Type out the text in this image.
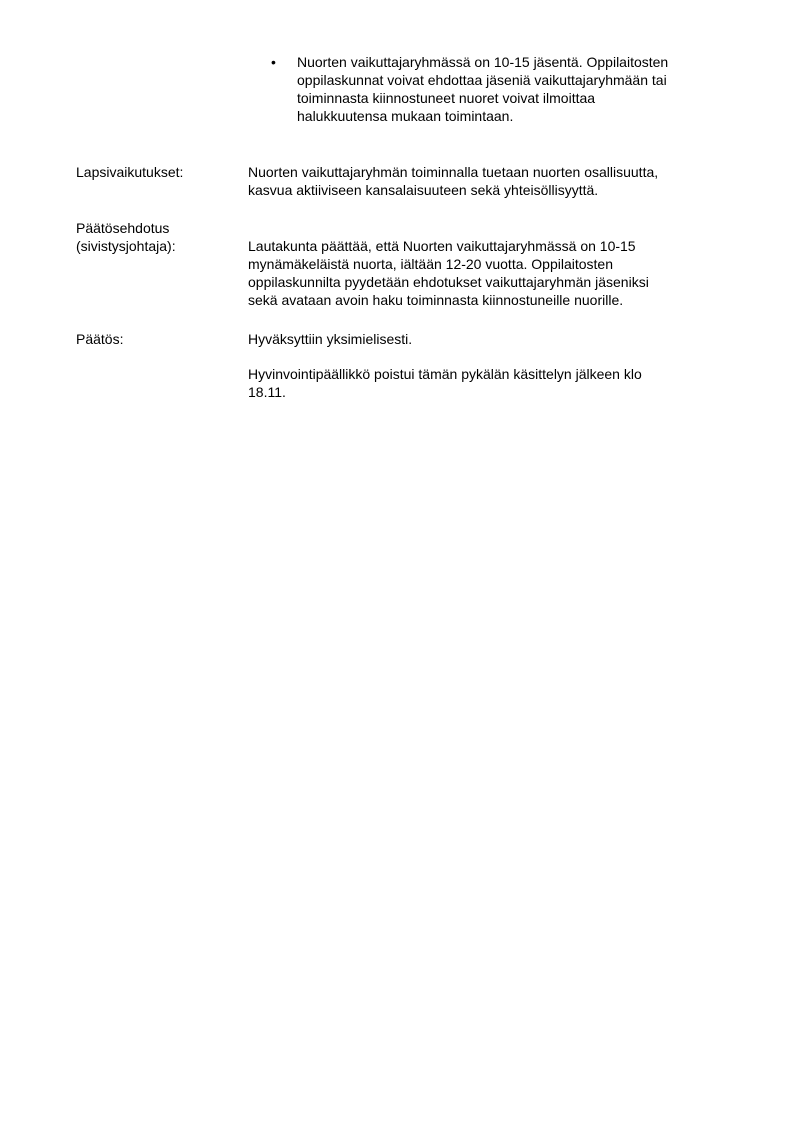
•	Nuorten vaikuttajaryhmässä on 10-15 jäsentä. Oppilaitosten
oppilaskunnat voivat ehdottaa jäseniä vaikuttajaryhmään tai
toiminnasta kiinnostuneet nuoret voivat ilmoittaa
halukkuutensa mukaan toimintaan.
Lapsivaikutukset:	Nuorten vaikuttajaryhmän toiminnalla tuetaan nuorten osallisuutta,
kasvua aktiiviseen kansalaisuuteen sekä yhteisöllisyyttä.
Päätösehdotus
(sivistysjohtaja):	Lautakunta päättää, että Nuorten vaikuttajaryhmässä on 10-15
mynämäkeläistä nuorta, iältään 12-20 vuotta. Oppilaitosten
oppilaskunnilta pyydetään ehdotukset vaikuttajaryhmän jäseniksi
sekä avataan avoin haku toiminnasta kiinnostuneille nuorille.
Päätös:	Hyväksyttiin yksimielisesti.
Hyvinvointipäällikkö poistui tämän pykälän käsittelyn jälkeen klo
18.11.
